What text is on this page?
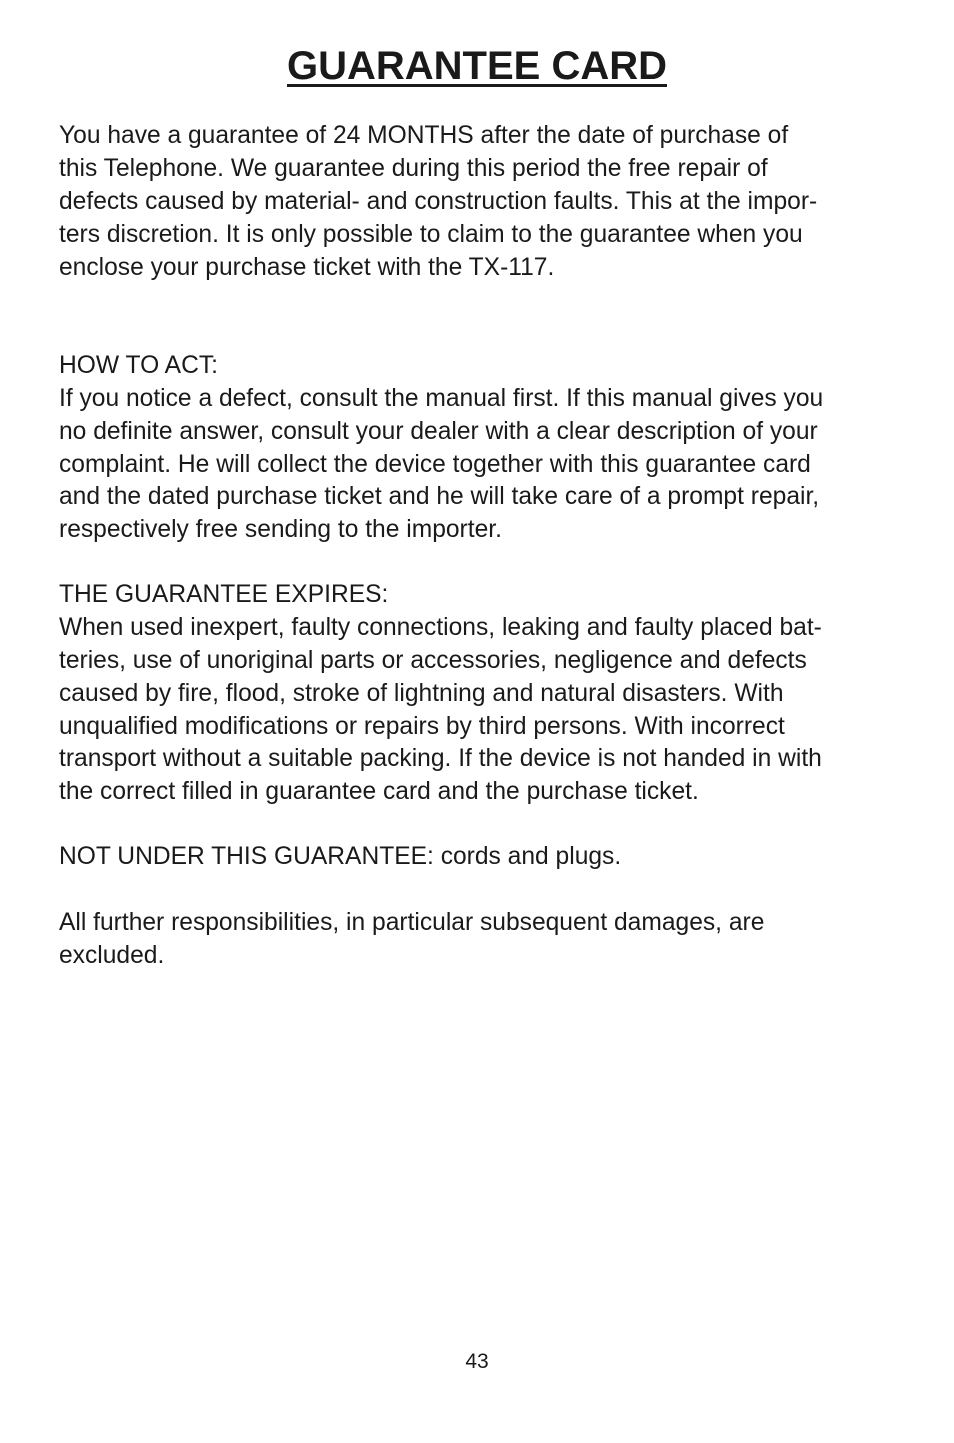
GUARANTEE CARD

You have a guarantee of 24 MONTHS after the date of purchase of

this Telephone. We guarantee during this period the free repair of

defects caused by material- and construction faults. This at the impor-

ters discretion. It is only possible to claim to the guarantee when you

enclose your purchase ticket with the TX-117.

HOW TO ACT:

If you notice a defect, consult the manual first. If this manual gives you

no definite answer, consult your dealer with a clear description of your

complaint. He will collect the device together with this guarantee card

and the dated purchase ticket and he will take care of a prompt repair,

respectively free sending to the importer.

THE GUARANTEE EXPIRES:

When used inexpert, faulty connections, leaking and faulty placed bat-

teries, use of unoriginal parts or accessories, negligence and defects

caused by fire, flood, stroke of lightning and natural disasters. With

unqualified modifications or repairs by third persons. With incorrect

transport without a suitable packing. If the device is not handed in with

the correct filled in guarantee card and the purchase ticket.

NOT UNDER THIS GUARANTEE: cords and plugs.

All further responsibilities, in particular subsequent damages, are

excluded.

43
